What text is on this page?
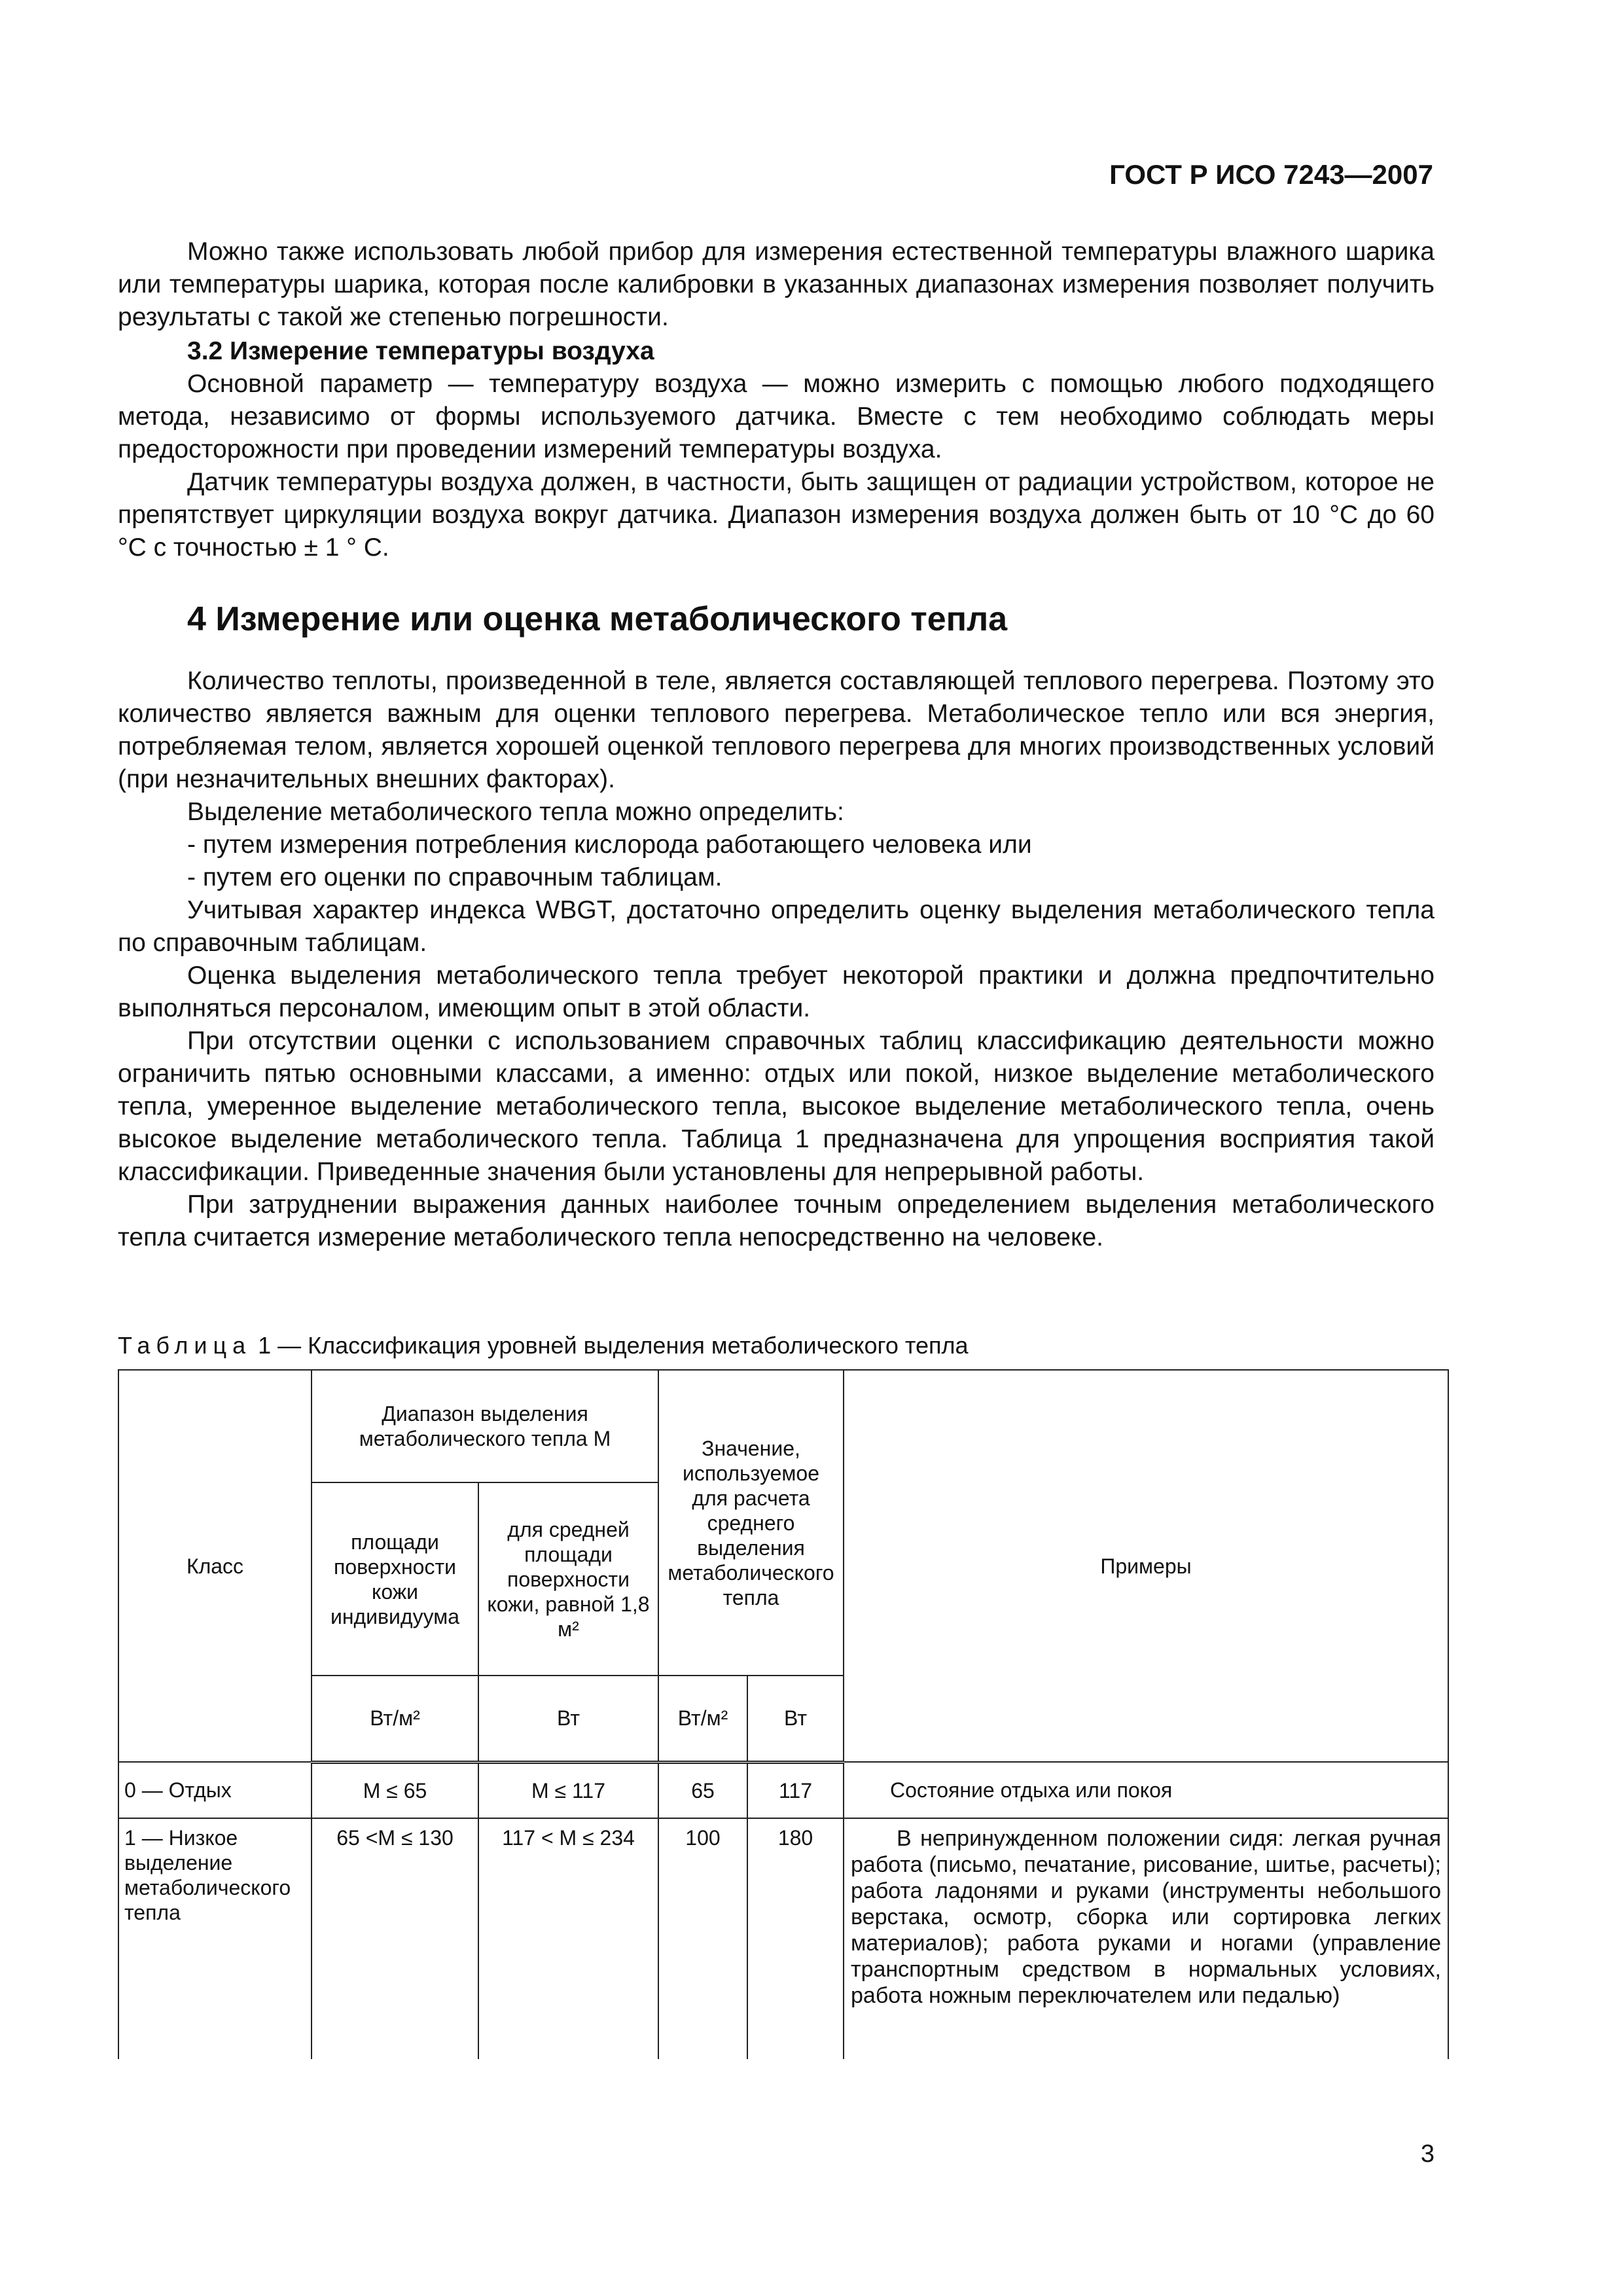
ГОСТ Р ИСО 7243—2007

Можно также использовать любой прибор для измерения естественной температуры влажного шарика или температуры шарика, которая после калибровки в указанных диапазонах измерения позволяет получить результаты с такой же степенью погрешности.

3.2 Измерение температуры воздуха

Основной параметр — температуру воздуха — можно измерить с помощью любого подходящего метода, независимо от формы используемого датчика. Вместе с тем необходимо соблюдать меры предосторожности при проведении измерений температуры воздуха.

Датчик температуры воздуха должен, в частности, быть защищен от радиации устройством, которое не препятствует циркуляции воздуха вокруг датчика. Диапазон измерения воздуха должен быть от 10 °С до 60 °С с точностью ± 1 ° С.

4 Измерение или оценка метаболического тепла

Количество теплоты, произведенной в теле, является составляющей теплового перегрева. Поэтому это количество является важным для оценки теплового перегрева. Метаболическое тепло или вся энергия, потребляемая телом, является хорошей оценкой теплового перегрева для многих производственных условий (при незначительных внешних факторах).

Выделение метаболического тепла можно определить:

- путем измерения потребления кислорода работающего человека или

- путем его оценки по справочным таблицам.

Учитывая характер индекса WBGT, достаточно определить оценку выделения метаболического тепла по справочным таблицам.

Оценка выделения метаболического тепла требует некоторой практики и должна предпочтительно выполняться персоналом, имеющим опыт в этой области.

При отсутствии оценки с использованием справочных таблиц классификацию деятельности можно ограничить пятью основными классами, а именно: отдых или покой, низкое выделение метаболического тепла, умеренное выделение метаболического тепла, высокое выделение метаболического тепла, очень высокое выделение метаболического тепла. Таблица 1 предназначена для упрощения восприятия такой классификации. Приведенные значения были установлены для непрерывной работы.

При затруднении выражения данных наиболее точным определением выделения метаболического тепла считается измерение метаболического тепла непосредственно на человеке.

Таблица 1 — Классификация уровней выделения метаболического тепла
Класс	Диапазон выделения метаболического тепла M		Значение, используемое для расчета среднего выделения метаболического тепла		Примеры
	площади поверхности кожи индивидуума	для средней площади поверхности кожи, равной 1,8 м²			
	Вт/м²	Вт	Вт/м²	Вт	
0 — Отдых	M ≤ 65	M ≤ 117	65	117	Состояние отдыха или покоя
1 — Низкое выделение метаболического тепла	65 <M ≤ 130	117 < M ≤ 234	100	180	В непринужденном положении сидя: легкая ручная работа (письмо, печатание, рисование, шитье, расчеты); работа ладонями и руками (инструменты небольшого верстака, осмотр, сборка или сортировка легких материалов); работа руками и ногами (управление транспортным средством в нормальных условиях, работа ножным переключателем или педалью)
3
